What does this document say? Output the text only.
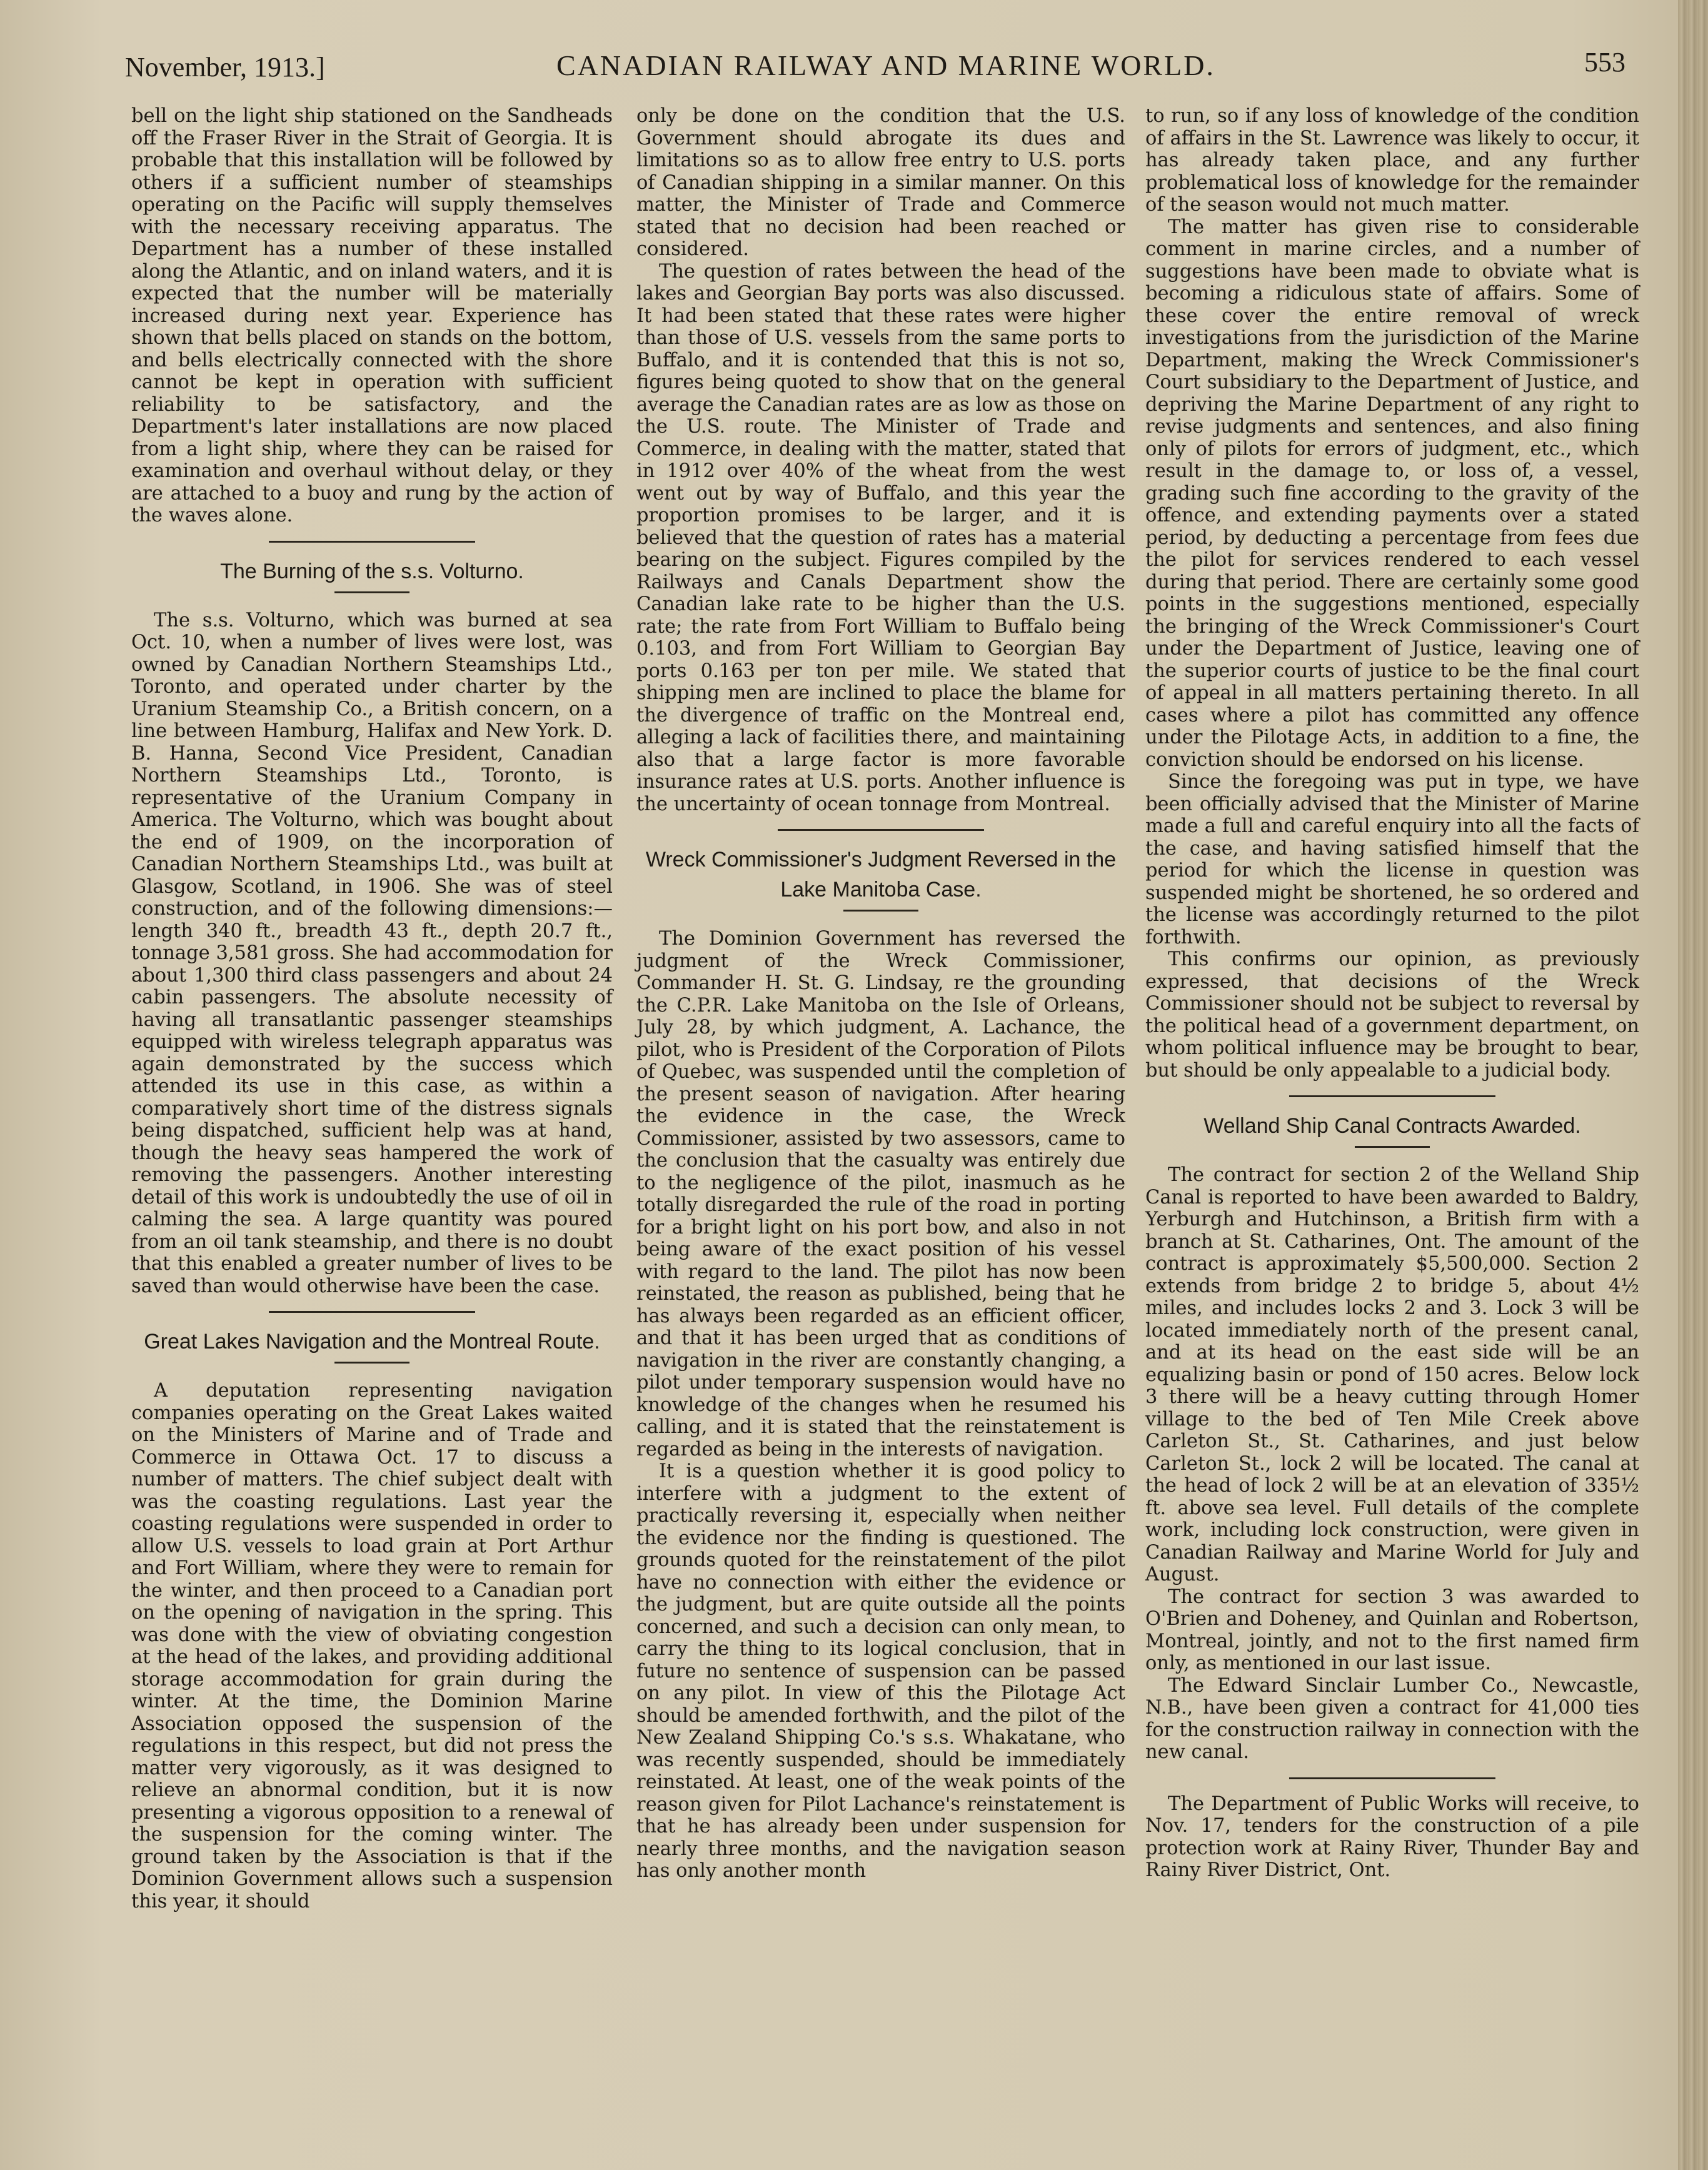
November, 1913.]	CANADIAN RAILWAY AND MARINE WORLD.	553

bell on the light ship stationed on the Sandheads off the Fraser River in the Strait of Georgia. It is probable that this installation will be followed by others if a sufficient number of steamships operating on the Pacific will supply themselves with the necessary receiving apparatus. The Department has a number of these installed along the Atlantic, and on inland waters, and it is expected that the number will be materially increased during next year. Experience has shown that bells placed on stands on the bottom, and bells electrically connected with the shore cannot be kept in operation with sufficient reliability to be satisfactory, and the Department's later installations are now placed from a light ship, where they can be raised for examination and overhaul without delay, or they are attached to a buoy and rung by the action of the waves alone.

The Burning of the s.s. Volturno.

The s.s. Volturno, which was burned at sea Oct. 10, when a number of lives were lost, was owned by Canadian Northern Steamships Ltd., Toronto, and operated under charter by the Uranium Steamship Co., a British concern, on a line between Hamburg, Halifax and New York. D. B. Hanna, Second Vice President, Canadian Northern Steamships Ltd., Toronto, is representative of the Uranium Company in America. The Volturno, which was bought about the end of 1909, on the incorporation of Canadian Northern Steamships Ltd., was built at Glasgow, Scotland, in 1906. She was of steel construction, and of the following dimensions:—length 340 ft., breadth 43 ft., depth 20.7 ft., tonnage 3,581 gross. She had accommodation for about 1,300 third class passengers and about 24 cabin passengers. The absolute necessity of having all transatlantic passenger steamships equipped with wireless telegraph apparatus was again demonstrated by the success which attended its use in this case, as within a comparatively short time of the distress signals being dispatched, sufficient help was at hand, though the heavy seas hampered the work of removing the passengers. Another interesting detail of this work is undoubtedly the use of oil in calming the sea. A large quantity was poured from an oil tank steamship, and there is no doubt that this enabled a greater number of lives to be saved than would otherwise have been the case.

Great Lakes Navigation and the Montreal Route.

A deputation representing navigation companies operating on the Great Lakes waited on the Ministers of Marine and of Trade and Commerce in Ottawa Oct. 17 to discuss a number of matters. The chief subject dealt with was the coasting regulations. Last year the coasting regulations were suspended in order to allow U.S. vessels to load grain at Port Arthur and Fort William, where they were to remain for the winter, and then proceed to a Canadian port on the opening of navigation in the spring. This was done with the view of obviating congestion at the head of the lakes, and providing additional storage accommodation for grain during the winter. At the time, the Dominion Marine Association opposed the suspension of the regulations in this respect, but did not press the matter very vigorously, as it was designed to relieve an abnormal condition, but it is now presenting a vigorous opposition to a renewal of the suspension for the coming winter. The ground taken by the Association is that if the Dominion Government allows such a suspension this year, it should

only be done on the condition that the U.S. Government should abrogate its dues and limitations so as to allow free entry to U.S. ports of Canadian shipping in a similar manner. On this matter, the Minister of Trade and Commerce stated that no decision had been reached or considered.

The question of rates between the head of the lakes and Georgian Bay ports was also discussed. It had been stated that these rates were higher than those of U.S. vessels from the same ports to Buffalo, and it is contended that this is not so, figures being quoted to show that on the general average the Canadian rates are as low as those on the U.S. route. The Minister of Trade and Commerce, in dealing with the matter, stated that in 1912 over 40% of the wheat from the west went out by way of Buffalo, and this year the proportion promises to be larger, and it is believed that the question of rates has a material bearing on the subject. Figures compiled by the Railways and Canals Department show the Canadian lake rate to be higher than the U.S. rate; the rate from Fort William to Buffalo being 0.103, and from Fort William to Georgian Bay ports 0.163 per ton per mile. We stated that shipping men are inclined to place the blame for the divergence of traffic on the Montreal end, alleging a lack of facilities there, and maintaining also that a large factor is more favorable insurance rates at U.S. ports. Another influence is the uncertainty of ocean tonnage from Montreal.

Wreck Commissioner's Judgment Reversed in the Lake Manitoba Case.

The Dominion Government has reversed the judgment of the Wreck Commissioner, Commander H. St. G. Lindsay, re the grounding the C.P.R. Lake Manitoba on the Isle of Orleans, July 28, by which judgment, A. Lachance, the pilot, who is President of the Corporation of Pilots of Quebec, was suspended until the completion of the present season of navigation. After hearing the evidence in the case, the Wreck Commissioner, assisted by two assessors, came to the conclusion that the casualty was entirely due to the negligence of the pilot, inasmuch as he totally disregarded the rule of the road in porting for a bright light on his port bow, and also in not being aware of the exact position of his vessel with regard to the land. The pilot has now been reinstated, the reason as published, being that he has always been regarded as an efficient officer, and that it has been urged that as conditions of navigation in the river are constantly changing, a pilot under temporary suspension would have no knowledge of the changes when he resumed his calling, and it is stated that the reinstatement is regarded as being in the interests of navigation.

It is a question whether it is good policy to interfere with a judgment to the extent of practically reversing it, especially when neither the evidence nor the finding is questioned. The grounds quoted for the reinstatement of the pilot have no connection with either the evidence or the judgment, but are quite outside all the points concerned, and such a decision can only mean, to carry the thing to its logical conclusion, that in future no sentence of suspension can be passed on any pilot. In view of this the Pilotage Act should be amended forthwith, and the pilot of the New Zealand Shipping Co.'s s.s. Whakatane, who was recently suspended, should be immediately reinstated. At least, one of the weak points of the reason given for Pilot Lachance's reinstatement is that he has already been under suspension for nearly three months, and the navigation season has only another month

to run, so if any loss of knowledge of the condition of affairs in the St. Lawrence was likely to occur, it has already taken place, and any further problematical loss of knowledge for the remainder of the season would not much matter.

The matter has given rise to considerable comment in marine circles, and a number of suggestions have been made to obviate what is becoming a ridiculous state of affairs. Some of these cover the entire removal of wreck investigations from the jurisdiction of the Marine Department, making the Wreck Commissioner's Court subsidiary to the Department of Justice, and depriving the Marine Department of any right to revise judgments and sentences, and also fining only of pilots for errors of judgment, etc., which result in the damage to, or loss of, a vessel, grading such fine according to the gravity of the offence, and extending payments over a stated period, by deducting a percentage from fees due the pilot for services rendered to each vessel during that period. There are certainly some good points in the suggestions mentioned, especially the bringing of the Wreck Commissioner's Court under the Department of Justice, leaving one of the superior courts of justice to be the final court of appeal in all matters pertaining thereto. In all cases where a pilot has committed any offence under the Pilotage Acts, in addition to a fine, the conviction should be endorsed on his license.

Since the foregoing was put in type, we have been officially advised that the Minister of Marine made a full and careful enquiry into all the facts of the case, and having satisfied himself that the period for which the license in question was suspended might be shortened, he so ordered and the license was accordingly returned to the pilot forthwith.

This confirms our opinion, as previously expressed, that decisions of the Wreck Commissioner should not be subject to reversal by the political head of a government department, on whom political influence may be brought to bear, but should be only appealable to a judicial body.

Welland Ship Canal Contracts Awarded.

The contract for section 2 of the Welland Ship Canal is reported to have been awarded to Baldry, Yerburgh and Hutchinson, a British firm with a branch at St. Catharines, Ont. The amount of the contract is approximately $5,500,000. Section 2 extends from bridge 2 to bridge 5, about 4½ miles, and includes locks 2 and 3. Lock 3 will be located immediately north of the present canal, and at its head on the east side will be an equalizing basin or pond of 150 acres. Below lock 3 there will be a heavy cutting through Homer village to the bed of Ten Mile Creek above Carleton St., St. Catharines, and just below Carleton St., lock 2 will be located. The canal at the head of lock 2 will be at an elevation of 335½ ft. above sea level. Full details of the complete work, including lock construction, were given in Canadian Railway and Marine World for July and August.

The contract for section 3 was awarded to O'Brien and Doheney, and Quinlan and Robertson, Montreal, jointly, and not to the first named firm only, as mentioned in our last issue.

The Edward Sinclair Lumber Co., Newcastle, N.B., have been given a contract for 41,000 ties for the construction railway in connection with the new canal.

The Department of Public Works will receive, to Nov. 17, tenders for the construction of a pile protection work at Rainy River, Thunder Bay and Rainy River District, Ont.
